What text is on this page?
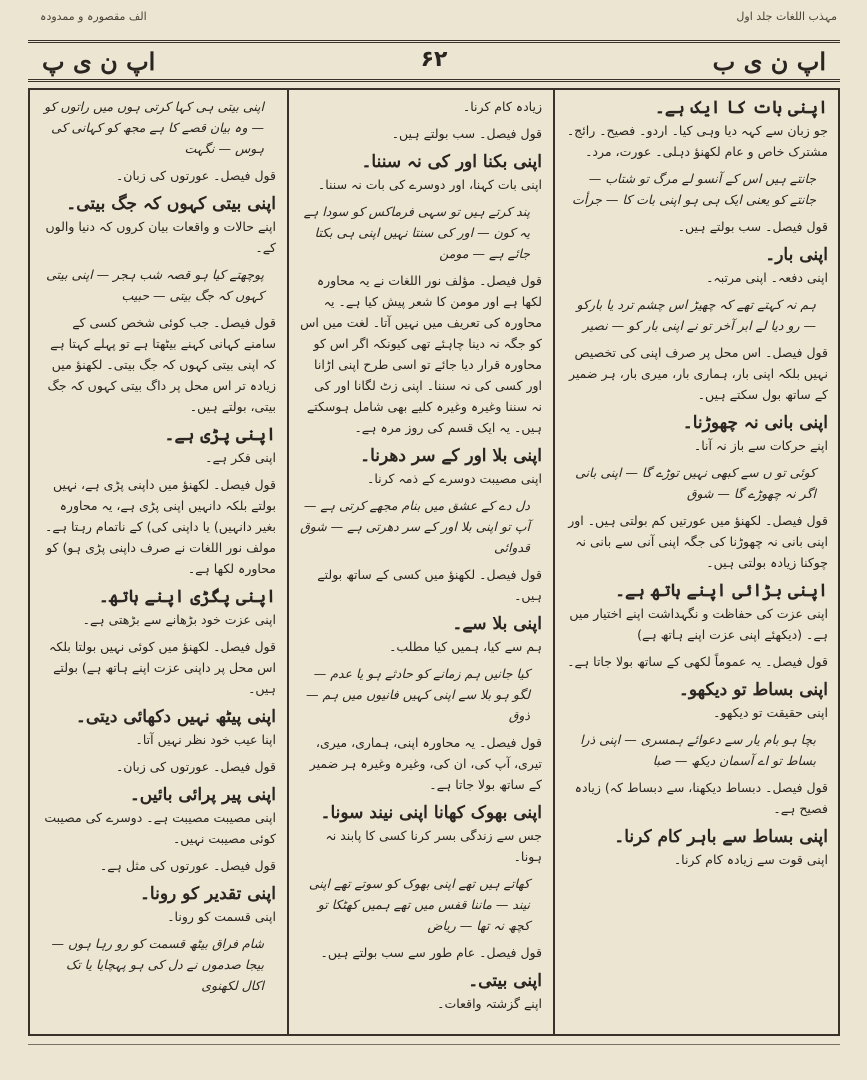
مہذب اللغات جلد اول
الف مقصورہ و ممدودہ
اپ ن ی ب
۶۲
اپ ن ی پ
اپنی بات کا ایک ہے۔
جو زبان سے کہہ دیا وہی کیا۔ اردو۔ فصیح۔ رائج۔ مشترک خاص و عام لکھنؤ دہلی۔ عورت، مرد۔
جانتے ہیں اس کے آنسو لے مرگ تو شتاب — جانتے کو یعنی ایک ہی ہو اپنی بات کا — جرأت
قول فیصل۔ سب بولتے ہیں۔
اپنی بار۔
اپنی دفعہ۔ اپنی مرتبہ۔
ہم نہ کہتے تھے کہ چھیڑ اس چشم ترد یا بارکو — رو دیا لے ابر آخر تو نے اپنی بار کو — نصیر
قول فیصل۔ اس محل پر صرف اپنی کی تخصیص نہیں بلکہ اپنی بار، ہماری بار، میری بار، ہر ضمیر کے ساتھ بول سکتے ہیں۔
اپنی بانی نہ چھوڑنا۔
اپنے حرکات سے باز نہ آنا۔
کوئی تو ں سے کبھی نہیں توڑے گا — اپنی بانی اگر نہ چھوڑے گا — شوق
قول فیصل۔ لکھنؤ میں عورتیں کم بولتی ہیں۔ اور اپنی بانی نہ چھوڑنا کی جگہ اپنی آنی سے بانی نہ چوکنا زیادہ بولتی ہیں۔
اپنی بڑائی اپنے ہاتھ ہے۔
اپنی عزت کی حفاظت و نگہداشت اپنے اختیار میں ہے۔ (دیکھئے اپنی عزت اپنے ہاتھ ہے)
قول فیصل۔ یہ عموماً لکھی کے ساتھ بولا جاتا ہے۔
اپنی بساط تو دیکھو۔
اپنی حقیقت تو دیکھو۔
بچا ہو بام یار سے دعوائے ہمسری — اپنی ذرا بساط تو اے آسمان دیکھ — صبا
قول فیصل۔ دبساط دیکھنا، سے دبساط کہ) زیادہ فصیح ہے۔
اپنی بساط سے باہر کام کرنا۔
اپنی قوت سے زیادہ کام کرنا۔
زیادہ کام کرنا۔
قول فیصل۔ سب بولتے ہیں۔
اپنی بکنا اور کی نہ سننا۔
اپنی بات کہنا، اور دوسرے کی بات نہ سننا۔
پند کرتے ہیں تو سہی فرماکس کو سودا ہے یہ کون — اور کی سنتا نہیں اپنی ہی بکتا جائے ہے — مومن
قول فیصل۔ مؤلف نور اللغات نے یہ محاورہ لکھا ہے اور مومن کا شعر پیش کیا ہے۔ یہ محاورہ کی تعریف میں نہیں آتا۔ لغت میں اس کو جگہ نہ دینا چاہئے تھی کیونکہ اگر اس کو محاورہ قرار دیا جائے تو اسی طرح اپنی اڑانا اور کسی کی نہ سننا۔ اپنی زٹ لگانا اور کی نہ سننا وغیرہ وغیرہ کلیے بھی شامل ہوسکتے ہیں۔ یہ ایک قسم کی روز مرہ ہے۔
اپنی بلا اور کے سر دھرنا۔
اپنی مصیبت دوسرے کے ذمہ کرنا۔
دل دے کے عشق میں بنام مجھے کرتی ہے — آپ تو اپنی بلا اور کے سر دھرتی ہے — شوق قدوائی
قول فیصل۔ لکھنؤ میں کسی کے ساتھ بولتے ہیں۔
اپنی بلا سے۔
ہم سے کیا، ہمیں کیا مطلب۔
کیا جانیں ہم زمانے کو حادثے ہو یا عدم — لگو ہو بلا سے اپنی کہیں فانیوں میں ہم — ذوق
قول فیصل۔ یہ محاورہ اپنی، ہماری، میری، تیری، آپ کی، ان کی، وغیرہ وغیرہ ہر ضمیر کے ساتھ بولا جاتا ہے۔
اپنی بھوک کھانا اپنی نیند سونا۔
جس سے زندگی بسر کرنا کسی کا پابند نہ ہونا۔
کھاتے ہیں تھے اپنی بھوک کو سوتے تھے اپنی نیند — ماننا قفس میں تھے ہمیں کھٹکا تو کچھ نہ تھا — ریاض
قول فیصل۔ عام طور سے سب بولتے ہیں۔
اپنی بیتی۔
اپنے گزشتہ واقعات۔
اپنی بیتی ہی کہا کرتی ہوں میں راتوں کو — وہ بیان قصے کا ہے مجھ کو کہانی کی ہوس — نگہت
قول فیصل۔ عورتوں کی زبان۔
اپنی بیتی کہوں کہ جگ بیتی۔
اپنے حالات و واقعات بیان کروں کہ دنیا والوں کے۔
پوچھتے کیا ہو قصہ شب ہجر — اپنی بیتی کہوں کہ جگ بیتی — حبیب
قول فیصل۔ جب کوئی شخص کسی کے سامنے کہانی کہنے بیٹھتا ہے تو پہلے کہتا ہے کہ اپنی بیتی کہوں کہ جگ بیتی۔ لکھنؤ میں زیادہ تر اس محل پر داگ بیتی کہوں کہ جگ بیتی، بولتے ہیں۔
اپنی پڑی ہے۔
اپنی فکر ہے۔
قول فیصل۔ لکھنؤ میں داپنی پڑی ہے، نہیں بولتے بلکہ دانہیں اپنی پڑی ہے، یہ محاورہ بغیر دانہیں) یا داپنی کی) کے ناتمام رہتا ہے۔ مولف نور اللغات نے صرف داپنی پڑی ہو) کو محاورہ لکھا ہے۔
اپنی پگڑی اپنے ہاتھ۔
اپنی عزت خود بڑھانے سے بڑھتی ہے۔
قول فیصل۔ لکھنؤ میں کوئی نہیں بولتا بلکہ اس محل پر داپنی عزت اپنے ہاتھ ہے) بولتے ہیں۔
اپنی پیٹھ نہیں دکھائی دیتی۔
اپنا عیب خود نظر نہیں آتا۔
قول فیصل۔ عورتوں کی زبان۔
اپنی پیر پرائی بائیں۔
اپنی مصیبت مصیبت ہے۔ دوسرے کی مصیبت کوئی مصیبت نہیں۔
قول فیصل۔ عورتوں کی مثل ہے۔
اپنی تقدیر کو رونا۔
اپنی قسمت کو رونا۔
شام فراق بیٹھ قسمت کو رو رہا ہوں — بیجا صدموں نے دل کی ہو پہچایا یا تک اکال لکھنوی
